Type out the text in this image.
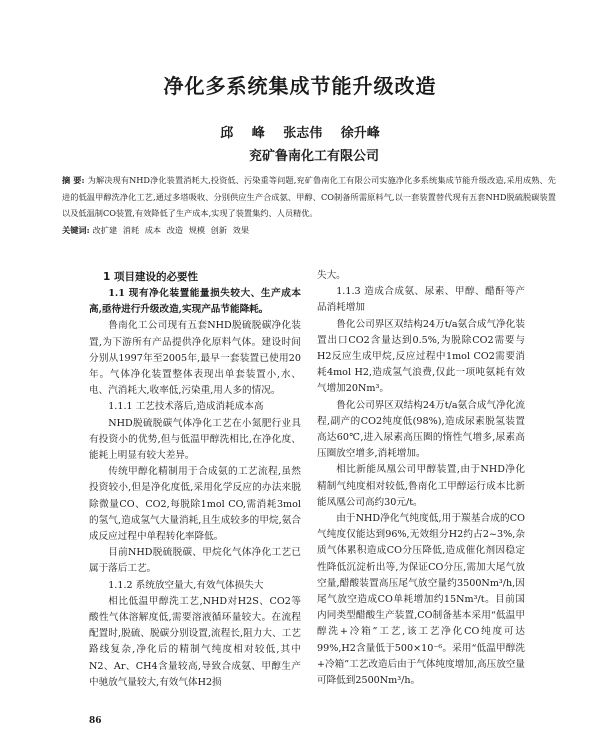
净化多系统集成节能升级改造
邱 峰 张志伟 徐升峰
兖矿鲁南化工有限公司
摘 要: 为解决现有NHD净化装置消耗大,投资低、污染重等问题,兖矿鲁南化工有限公司实施净化多系统集成节能升级改造,采用成熟、先进的低温甲醇洗净化工艺,通过多塔吸收、分别供应生产合成氨、甲醇、CO制备所需原料气,以一套装置替代现有五套NHD脱硫脱碳装置以及低温制CO装置,有效降低了生产成本,实现了装置集约、人员精优。
关键词: 改扩建 消耗 成本 改造 规模 创新 效果
1 项目建设的必要性
1.1 现有净化装置能量损失较大、生产成本高,亟待进行升级改造,实现产品节能降耗。

鲁南化工公司现有五套NHD脱硫脱碳净化装置,为下游所有产品提供净化原料气体。建设时间分别从1997年至2005年,最早一套装置已使用20年。气体净化装置整体表现出单套装置小,水、电、汽消耗大,收率低,污染重,用人多的情况。

1.1.1 工艺技术落后,造成消耗成本高

NHD脱硫脱碳气体净化工艺在小氮肥行业具有投资小的优势,但与低温甲醇洗相比,在净化度、能耗上明显有较大差异。

传统甲醇化精制用于合成氨的工艺流程,虽然投资较小,但是净化度低,采用化学反应的办法来脱除微量CO、CO2,每脱除1mol CO,需消耗3mol的氢气,造成氢气大量消耗,且生成较多的甲烷,氨合成反应过程中单程转化率降低。

目前NHD脱硫脱碳、甲烷化气体净化工艺已属于落后工艺。

1.1.2 系统放空量大,有效气体损失大

相比低温甲醇洗工艺,NHD对H2S、CO2等酸性气体溶解度低,需要溶液循环量较大。在流程配置时,脱硫、脱碳分别设置,流程长,阻力大、工艺路线复杂,净化后的精制气纯度相对较低,其中N2、Ar、CH4含量较高,导致合成氨、甲醇生产中驰放气量较大,有效气体H2损

失大。

1.1.3 造成合成氨、尿素、甲醇、醋酐等产品消耗增加

鲁化公司界区双结构24万t/a氨合成气净化装置出口CO2含量达到0.5%,为脱除CO2需要与H2反应生成甲烷,反应过程中1mol CO2需要消耗4mol H2,造成氢气浪费,仅此一项吨氨耗有效气增加20Nm³。

鲁化公司界区双结构24万t/a氨合成气净化流程,副产的CO2纯度低(98%),造成尿素脱氢装置高达60℃,进入尿素高压圈的惰性气增多,尿素高压圈放空增多,消耗增加。

相比新能凤凰公司甲醇装置,由于NHD净化精制气纯度相对较低,鲁南化工甲醇运行成本比新能凤凰公司高约30元/t。

由于NHD净化气纯度低,用于羰基合成的CO气纯度仅能达到96%,无效组分H2约占2~3%,杂质气体累积造成CO分压降低,造成催化剂因稳定性降低沉淀析出等,为保证CO分压,需加大尾气放空量,醋酸装置高压尾气放空量约3500Nm³/h,因尾气放空造成CO单耗增加约15Nm³/t。目前国内同类型醋酸生产装置,CO制备基本采用“低温甲醇洗+冷箱”工艺,该工艺净化CO纯度可达99%,H2含量低于500×10⁻⁶。采用“低温甲醇洗+冷箱”工艺改造后由于气体纯度增加,高压放空量可降低到2500Nm³/h。

86
